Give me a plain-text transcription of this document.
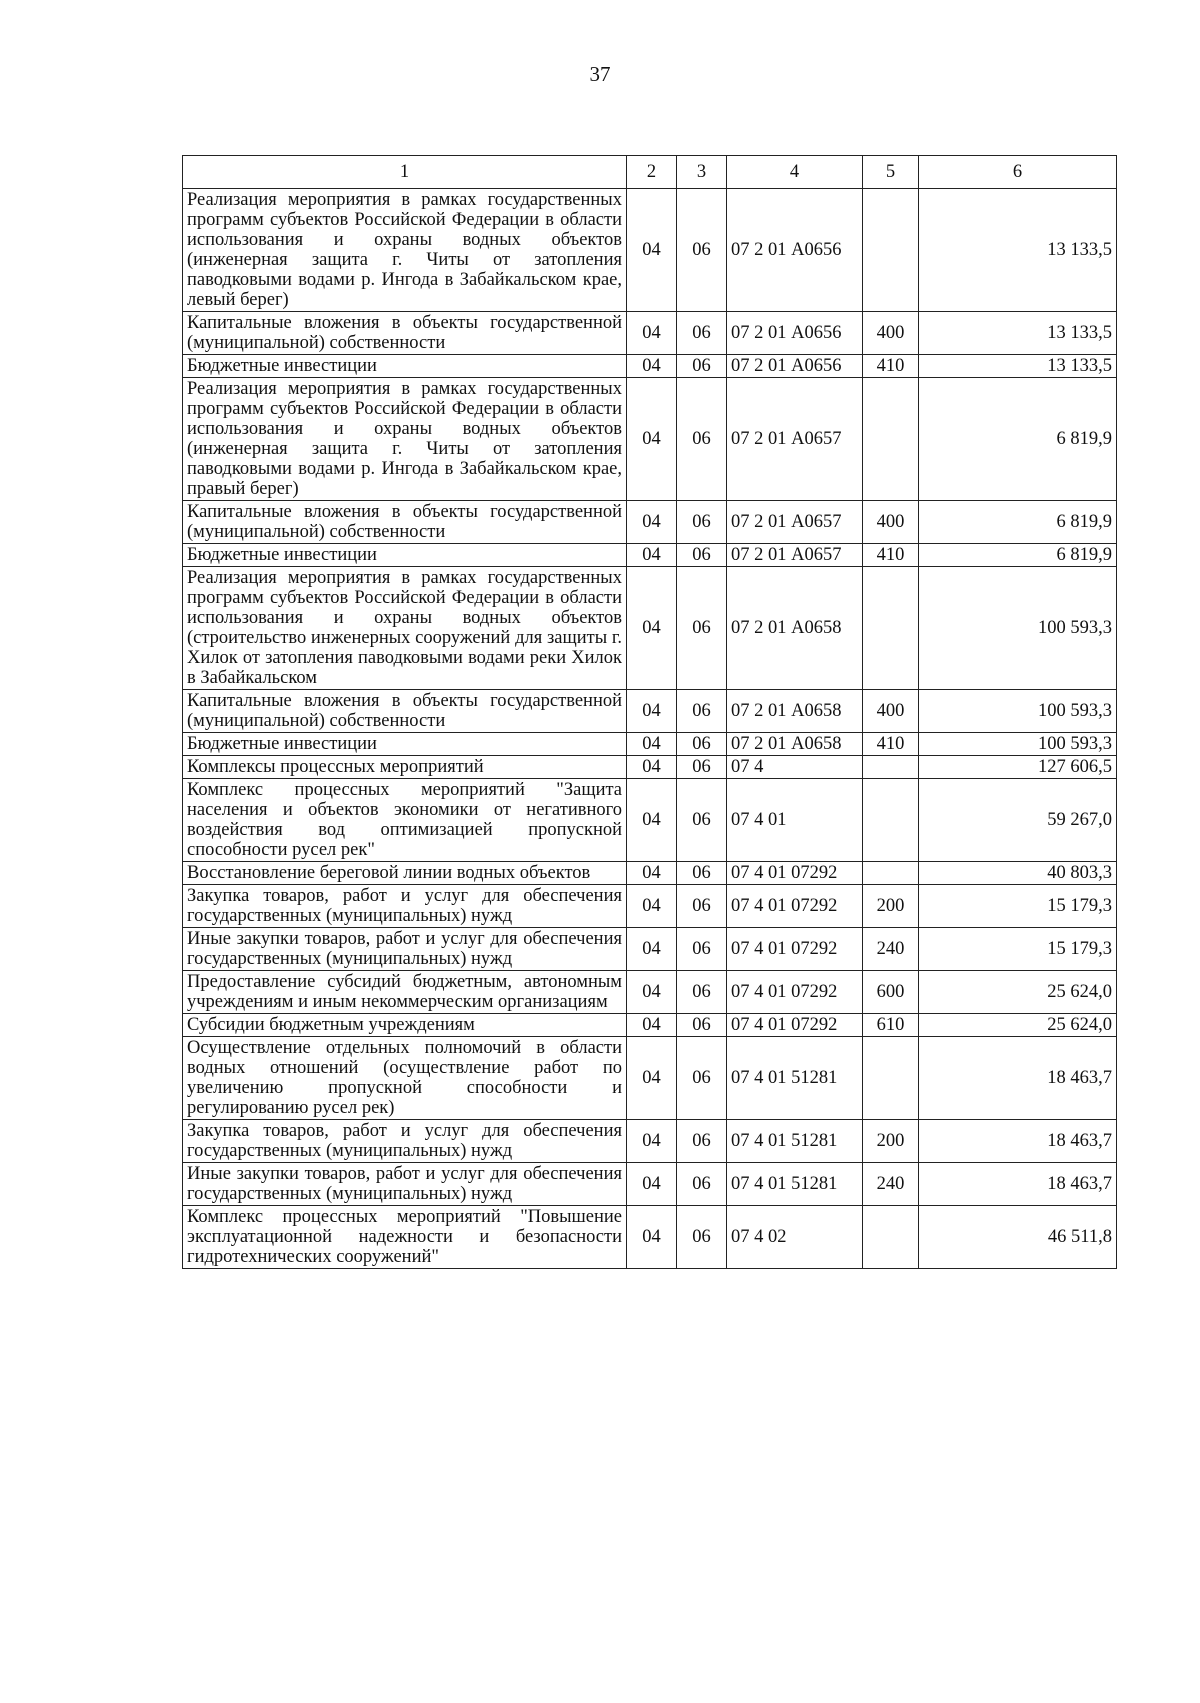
37
1	2	3	4	5	6
Реализация мероприятия в рамках государственных программ субъектов Российской Федерации в области использования и охраны водных объектов (инженерная защита г. Читы от затопления паводковыми водами р. Ингода в Забайкальском крае, левый берег)	04	06	07 2 01 А0656		13 133,5
Капитальные вложения в объекты государственной (муниципальной) собственности	04	06	07 2 01 А0656	400	13 133,5
Бюджетные инвестиции	04	06	07 2 01 А0656	410	13 133,5
Реализация мероприятия в рамках государственных программ субъектов Российской Федерации в области использования и охраны водных объектов (инженерная защита г. Читы от затопления паводковыми водами р. Ингода в Забайкальском крае, правый берег)	04	06	07 2 01 А0657		6 819,9
Капитальные вложения в объекты государственной (муниципальной) собственности	04	06	07 2 01 А0657	400	6 819,9
Бюджетные инвестиции	04	06	07 2 01 А0657	410	6 819,9
Реализация мероприятия в рамках государственных программ субъектов Российской Федерации в области использования и охраны водных объектов (строительство инженерных сооружений для защиты г. Хилок от затопления паводковыми водами реки Хилок в Забайкальском	04	06	07 2 01 А0658		100 593,3
Капитальные вложения в объекты государственной (муниципальной) собственности	04	06	07 2 01 А0658	400	100 593,3
Бюджетные инвестиции	04	06	07 2 01 А0658	410	100 593,3
Комплексы процессных мероприятий	04	06	07 4		127 606,5
Комплекс процессных мероприятий "Защита населения и объектов экономики от негативного воздействия вод оптимизацией пропускной способности русел рек"	04	06	07 4 01		59 267,0
Восстановление береговой линии водных объектов	04	06	07 4 01 07292		40 803,3
Закупка товаров, работ и услуг для обеспечения государственных (муниципальных) нужд	04	06	07 4 01 07292	200	15 179,3
Иные закупки товаров, работ и услуг для обеспечения государственных (муниципальных) нужд	04	06	07 4 01 07292	240	15 179,3
Предоставление субсидий бюджетным, автономным учреждениям и иным некоммерческим организациям	04	06	07 4 01 07292	600	25 624,0
Субсидии бюджетным учреждениям	04	06	07 4 01 07292	610	25 624,0
Осуществление отдельных полномочий в области водных отношений (осуществление работ по увеличению пропускной способности и регулированию русел рек)	04	06	07 4 01 51281		18 463,7
Закупка товаров, работ и услуг для обеспечения государственных (муниципальных) нужд	04	06	07 4 01 51281	200	18 463,7
Иные закупки товаров, работ и услуг для обеспечения государственных (муниципальных) нужд	04	06	07 4 01 51281	240	18 463,7
Комплекс процессных мероприятий "Повышение эксплуатационной надежности и безопасности гидротехнических сооружений"	04	06	07 4 02		46 511,8
